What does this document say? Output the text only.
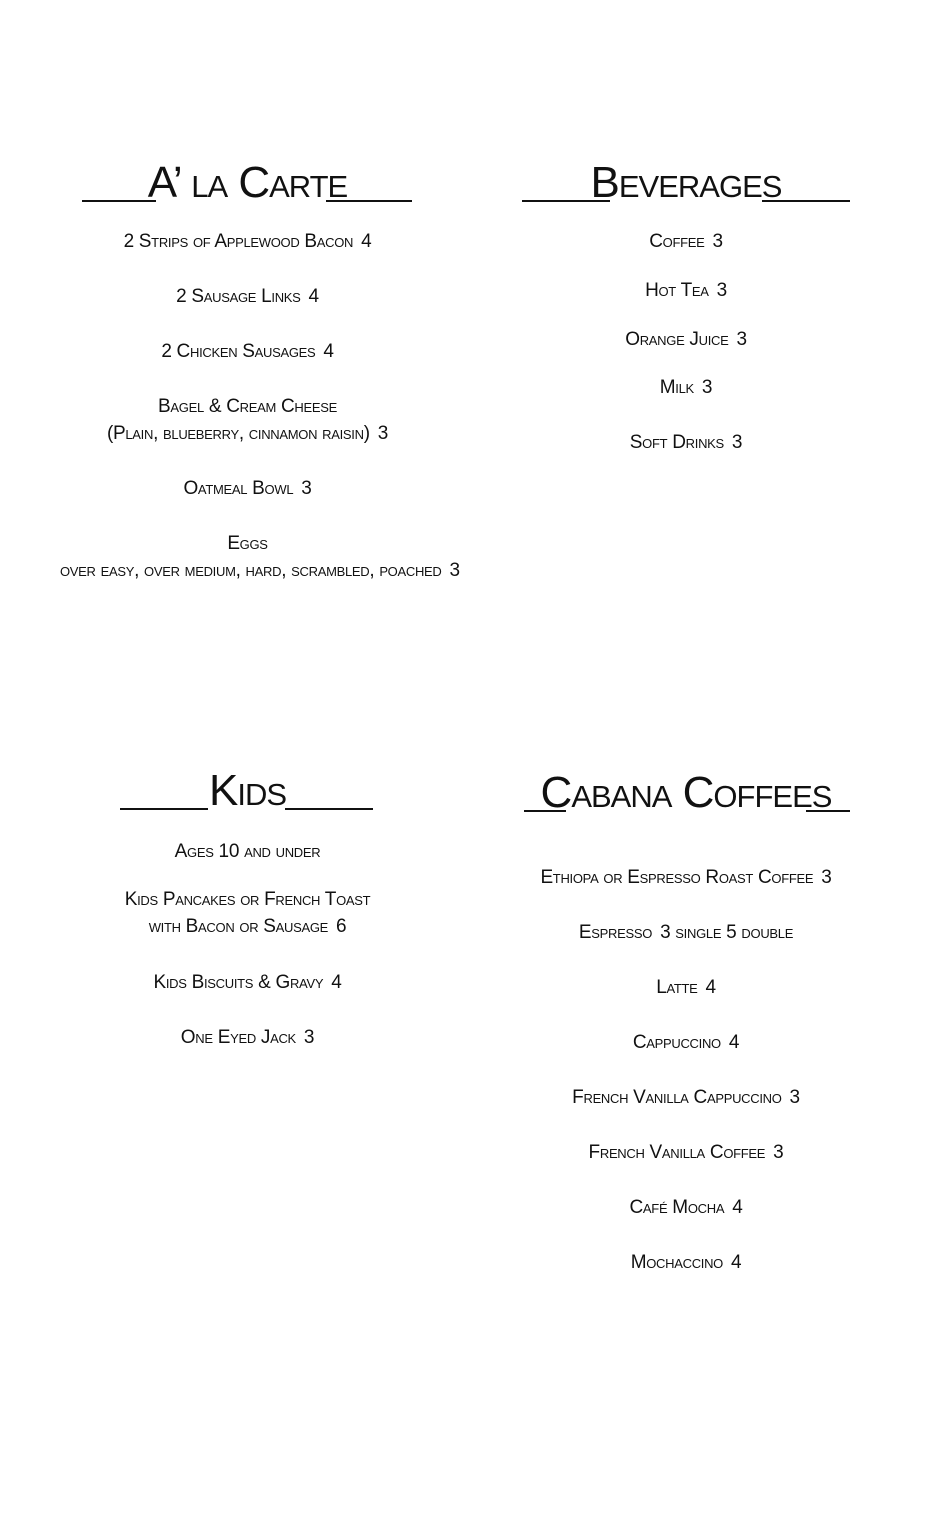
A’ la Carte
2 Strips of Applewood Bacon 4
2 Sausage Links 4
2 Chicken Sausages 4
Bagel & Cream Cheese
(Plain, blueberry, cinnamon raisin) 3
Oatmeal Bowl 3
Eggs
over easy, over medium, hard, scrambled, poached 3
Beverages
Coffee 3
Hot Tea 3
Orange Juice 3
Milk 3
Soft Drinks 3
Kids
Ages 10 and under
Kids Pancakes or French Toast
with Bacon or Sausage 6
Kids Biscuits & Gravy 4
One Eyed Jack 3
Cabana Coffees
Ethiopa or Espresso Roast Coffee 3
Espresso 3 single 5 double
Latte 4
Cappuccino 4
French Vanilla Cappuccino 3
French Vanilla Coffee 3
Café Mocha 4
Mochaccino 4
